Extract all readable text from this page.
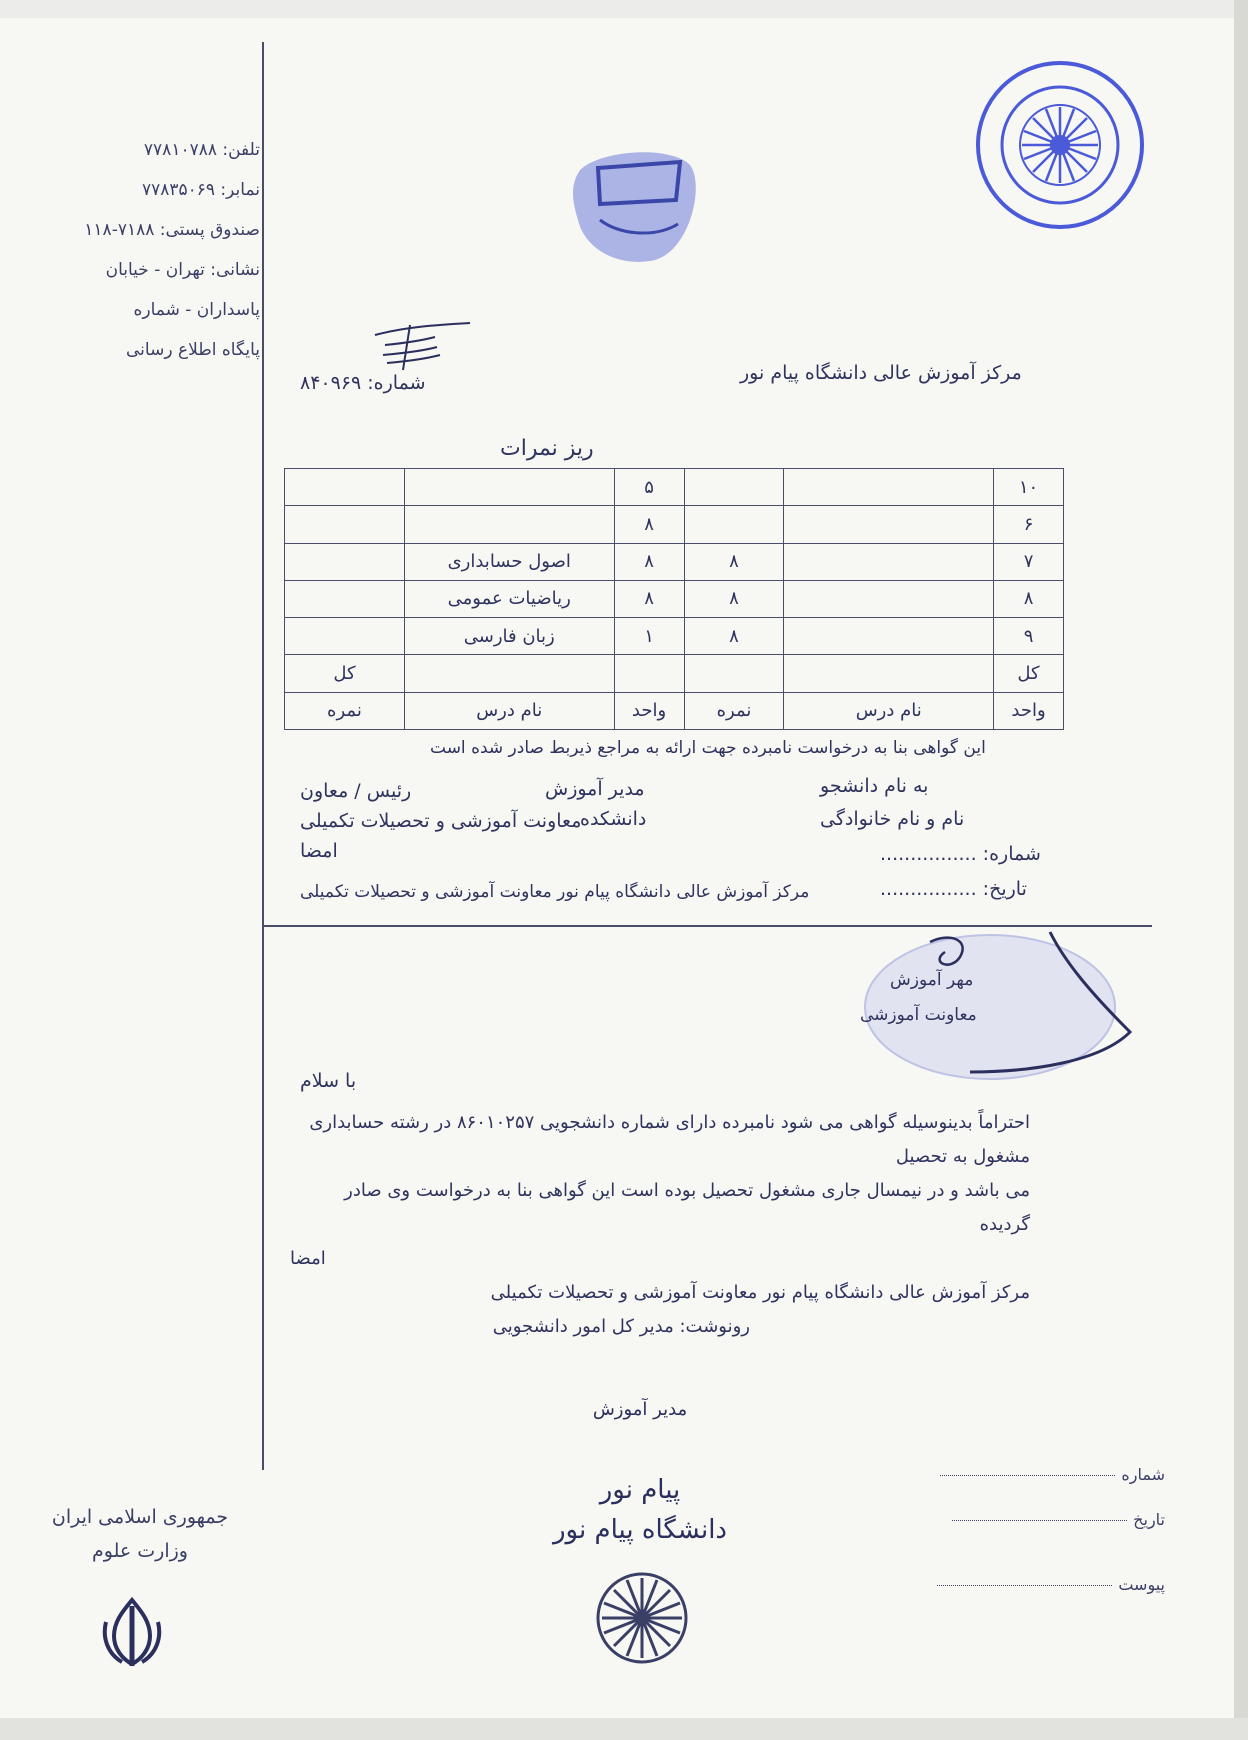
تلفن: ۷۷۸۱۰۷۸۸
نمابر: ۷۷۸۳۵۰۶۹
صندوق پستی: ۷۱۸۸-۱۱۸
نشانی: تهران - خیابان
پاسداران - شماره
پایگاه اطلاع رسانی
جمهوری اسلامی ایران
وزارت علوم
شماره: ۸۴۰۹۶۹	مرکز آموزش عالی دانشگاه پیام نور
ریز نمرات
۱۰			۵		
۶			۸		
۷		۸	۸	اصول حسابداری	
۸		۸	۸	ریاضیات عمومی	
۹		۸	۱	زبان فارسی	
کل					کل
واحد	نام درس	نمره	واحد	نام درس	نمره
این گواهی بنا به درخواست نامبرده جهت ارائه به مراجع ذیربط صادر شده است
به نام دانشجو
نام و نام خانوادگی
شماره: ................
تاریخ: ................
مدیر آموزش
دانشکده
رئیس / معاون
معاونت آموزشی و تحصیلات تکمیلی
امضا
مرکز آموزش عالی دانشگاه پیام نور معاونت آموزشی و تحصیلات تکمیلی
مهر آموزش
معاونت آموزشی
با سلام
احتراماً بدینوسیله گواهی می شود نامبرده دارای شماره دانشجویی ۸۶۰۱۰۲۵۷ در رشته حسابداری مشغول به تحصیل
می باشد و در نیمسال جاری مشغول تحصیل بوده است این گواهی بنا به درخواست وی صادر گردیده
امضا
مرکز آموزش عالی دانشگاه پیام نور معاونت آموزشی و تحصیلات تکمیلی
رونوشت: مدیر کل امور دانشجویی
مدیر آموزش
پیام نور
دانشگاه پیام نور
شماره
تاریخ
پیوست
